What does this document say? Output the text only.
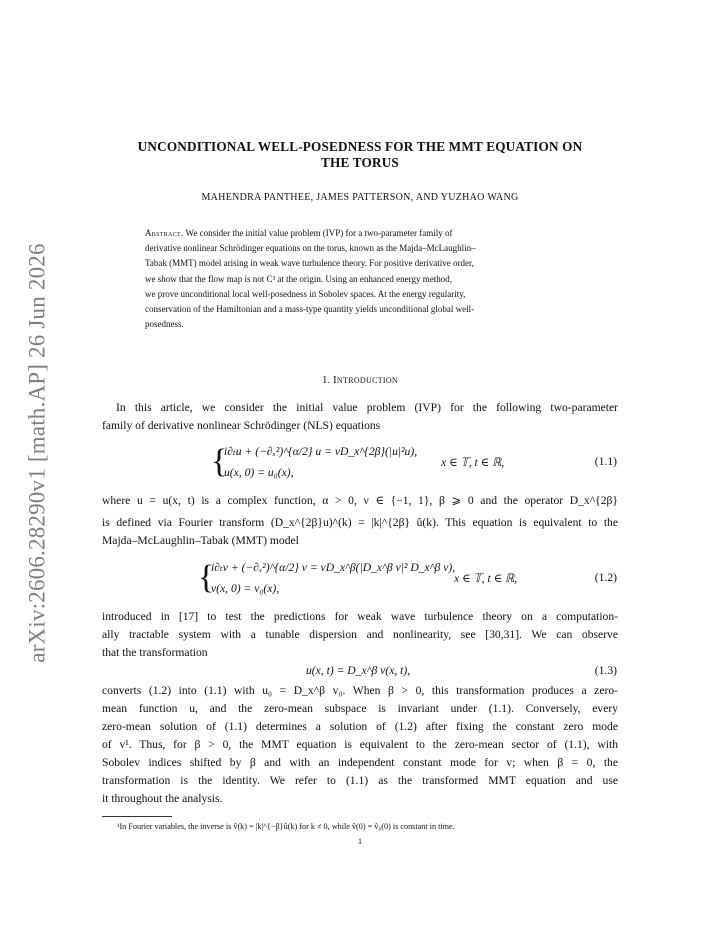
arXiv:2606.28290v1 [math.AP] 26 Jun 2026
UNCONDITIONAL WELL-POSEDNESS FOR THE MMT EQUATION ON
THE TORUS
MAHENDRA PANTHEE, JAMES PATTERSON, AND YUZHAO WANG
Abstract. We consider the initial value problem (IVP) for a two-parameter family of
derivative nonlinear Schrödinger equations on the torus, known as the Majda–McLaughlin–
Tabak (MMT) model arising in weak wave turbulence theory. For positive derivative order,
we show that the flow map is not C³ at the origin. Using an enhanced energy method,
we prove unconditional local well-posedness in Sobolev spaces. At the energy regularity,
conservation of the Hamiltonian and a mass-type quantity yields unconditional global well-
posedness.
1. Introduction
In this article, we consider the initial value problem (IVP) for the following two-parameter
family of derivative nonlinear Schrödinger (NLS) equations
{
i∂ₜu + (−∂ₓ²)^{α/2} u = νD_x^{2β}(|u|²u),
u(x, 0) = u₀(x),
x ∈ 𝕋, t ∈ ℝ,	(1.1)
where u = u(x, t) is a complex function, α > 0, ν ∈ {−1, 1}, β ⩾ 0 and the operator D_x^{2β}
is defined via Fourier transform (D_x^{2β}u)^(k) = |k|^{2β} û(k). This equation is equivalent to the
Majda–McLaughlin–Tabak (MMT) model
{
i∂ₜv + (−∂ₓ²)^{α/2} v = νD_x^β(|D_x^β v|² D_x^β v),
v(x, 0) = v₀(x),
x ∈ 𝕋, t ∈ ℝ,	(1.2)
introduced in [17] to test the predictions for weak wave turbulence theory on a computation-
ally tractable system with a tunable dispersion and nonlinearity, see [30,31]. We can observe
that the transformation
u(x, t) = D_x^β v(x, t),	(1.3)
converts (1.2) into (1.1) with u₀ = D_x^β v₀. When β > 0, this transformation produces a zero-
mean function u, and the zero-mean subspace is invariant under (1.1). Conversely, every
zero-mean solution of (1.1) determines a solution of (1.2) after fixing the constant zero mode
of v¹. Thus, for β > 0, the MMT equation is equivalent to the zero-mean sector of (1.1), with
Sobolev indices shifted by β and with an independent constant mode for v; when β = 0, the
transformation is the identity. We refer to (1.1) as the transformed MMT equation and use
it throughout the analysis.
¹In Fourier variables, the inverse is v̂(k) = |k|^{−β}û(k) for k ≠ 0, while v̂(0) = v̂₀(0) is constant in time.
1
